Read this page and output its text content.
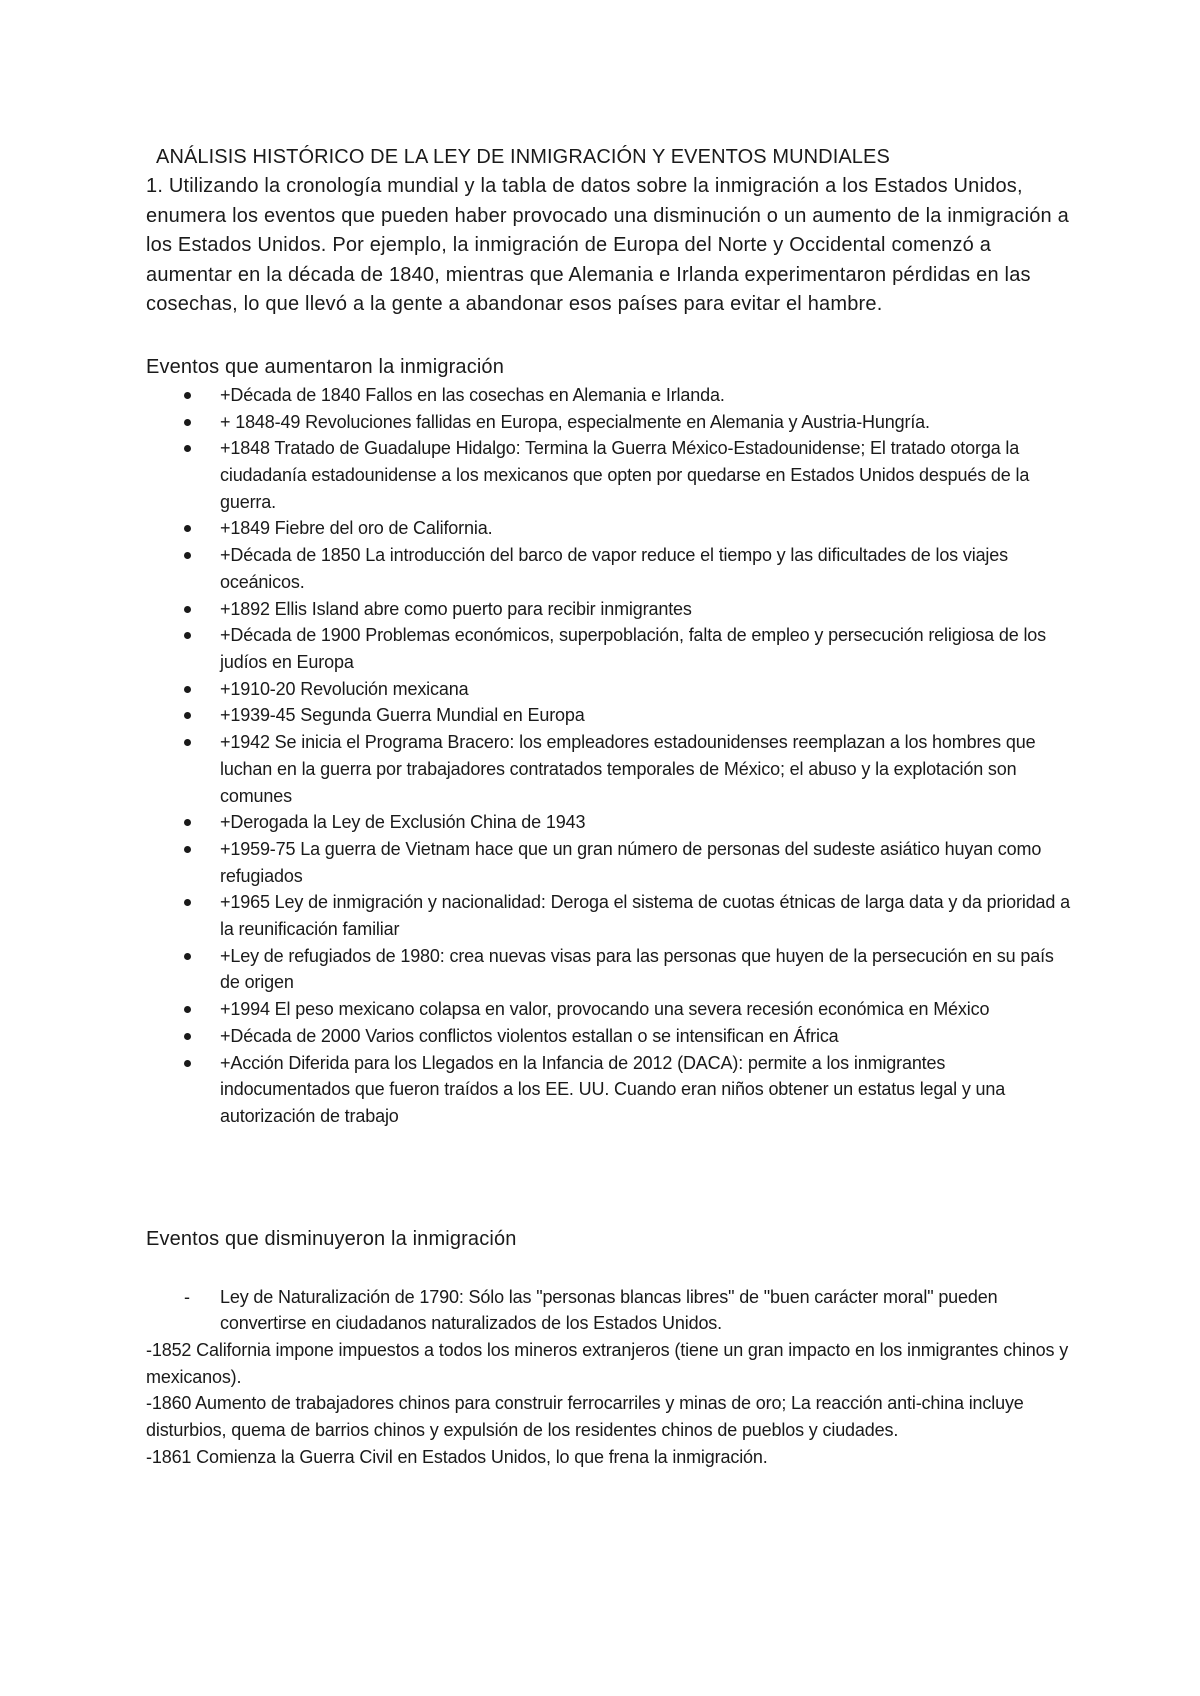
ANÁLISIS HISTÓRICO DE LA LEY DE INMIGRACIÓN Y EVENTOS MUNDIALES

1. Utilizando la cronología mundial y la tabla de datos sobre la inmigración a los Estados Unidos, enumera los eventos que pueden haber provocado una disminución o un aumento de la inmigración a los Estados Unidos. Por ejemplo, la inmigración de Europa del Norte y Occidental comenzó a aumentar en la década de 1840, mientras que Alemania e Irlanda experimentaron pérdidas en las cosechas, lo que llevó a la gente a abandonar esos países para evitar el hambre.

Eventos que aumentaron la inmigración
+Década de 1840 Fallos en las cosechas en Alemania e Irlanda.
+ 1848-49 Revoluciones fallidas en Europa, especialmente en Alemania y Austria-Hungría.
+1848 Tratado de Guadalupe Hidalgo: Termina la Guerra México-Estadounidense; El tratado otorga la ciudadanía estadounidense a los mexicanos que opten por quedarse en Estados Unidos después de la guerra.
+1849 Fiebre del oro de California.
+Década de 1850 La introducción del barco de vapor reduce el tiempo y las dificultades de los viajes oceánicos.
+1892 Ellis Island abre como puerto para recibir inmigrantes
+Década de 1900 Problemas económicos, superpoblación, falta de empleo y persecución religiosa de los judíos en Europa
+1910-20 Revolución mexicana
+1939-45 Segunda Guerra Mundial en Europa
+1942 Se inicia el Programa Bracero: los empleadores estadounidenses reemplazan a los hombres que luchan en la guerra por trabajadores contratados temporales de México; el abuso y la explotación son comunes
+Derogada la Ley de Exclusión China de 1943
+1959-75 La guerra de Vietnam hace que un gran número de personas del sudeste asiático huyan como refugiados
+1965 Ley de inmigración y nacionalidad: Deroga el sistema de cuotas étnicas de larga data y da prioridad a la reunificación familiar
+Ley de refugiados de 1980: crea nuevas visas para las personas que huyen de la persecución en su país de origen
+1994 El peso mexicano colapsa en valor, provocando una severa recesión económica en México
+Década de 2000 Varios conflictos violentos estallan o se intensifican en África
+Acción Diferida para los Llegados en la Infancia de 2012 (DACA): permite a los inmigrantes indocumentados que fueron traídos a los EE. UU. Cuando eran niños obtener un estatus legal y una autorización de trabajo
Eventos que disminuyeron la inmigración
- Ley de Naturalización de 1790: Sólo las "personas blancas libres" de "buen carácter moral" pueden convertirse en ciudadanos naturalizados de los Estados Unidos.

-1852 California impone impuestos a todos los mineros extranjeros (tiene un gran impacto en los inmigrantes chinos y mexicanos).

-1860 Aumento de trabajadores chinos para construir ferrocarriles y minas de oro; La reacción anti-china incluye disturbios, quema de barrios chinos y expulsión de los residentes chinos de pueblos y ciudades.

-1861 Comienza la Guerra Civil en Estados Unidos, lo que frena la inmigración.
